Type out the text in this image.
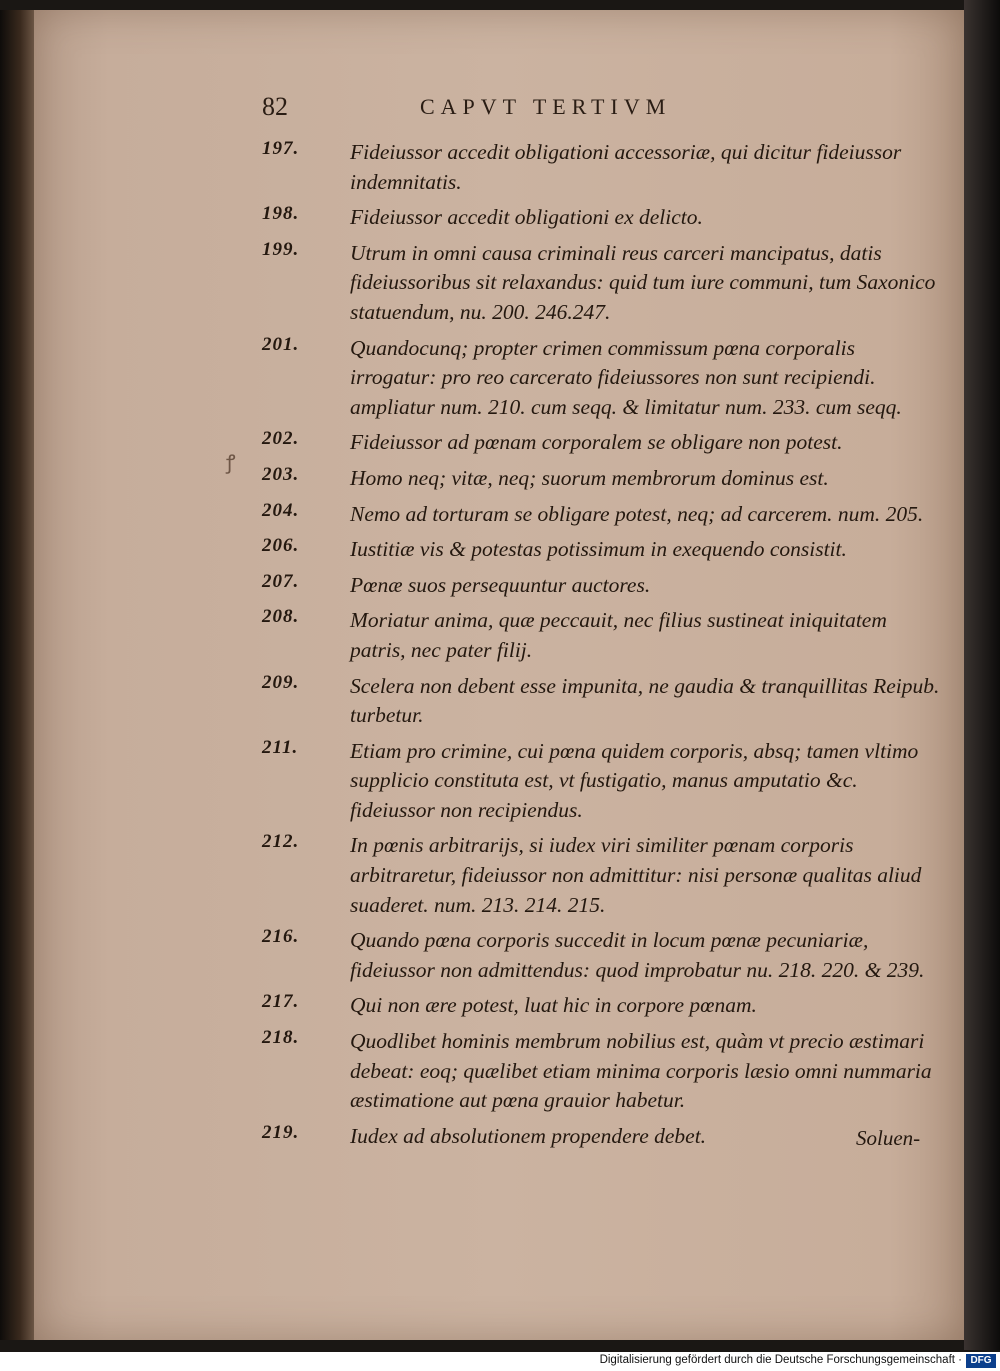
82	CAPVT TERTIVM
ꝭ
197.	Fideiussor accedit obligationi accessoriæ, qui dicitur fideiussor indemnitatis.
198.	Fideiussor accedit obligationi ex delicto.
199.	Utrum in omni causa criminali reus carceri mancipatus, datis fideiussoribus sit relaxandus: quid tum iure communi, tum Saxonico statuendum, nu. 200. 246.247.
201.	Quandocunq; propter crimen commissum pœna corporalis irrogatur: pro reo carcerato fideiussores non sunt recipiendi. ampliatur num. 210. cum seqq. & limitatur num. 233. cum seqq.
202.	Fideiussor ad pœnam corporalem se obligare non potest.
203.	Homo neq; vitæ, neq; suorum membrorum dominus est.
204.	Nemo ad torturam se obligare potest, neq; ad carcerem. num. 205.
206.	Iustitiæ vis & potestas potissimum in exequendo consistit.
207.	Pœnæ suos persequuntur auctores.
208.	Moriatur anima, quæ peccauit, nec filius sustineat iniquitatem patris, nec pater filij.
209.	Scelera non debent esse impunita, ne gaudia & tranquillitas Reipub. turbetur.
211.	Etiam pro crimine, cui pœna quidem corporis, absq; tamen vltimo supplicio constituta est, vt fustigatio, manus amputatio &c. fideiussor non recipiendus.
212.	In pœnis arbitrarijs, si iudex viri similiter pœnam corporis arbitraretur, fideiussor non admittitur: nisi personæ qualitas aliud suaderet. num. 213. 214. 215.
216.	Quando pœna corporis succedit in locum pœnæ pecuniariæ, fideiussor non admittendus: quod improbatur nu. 218. 220. & 239.
217.	Qui non ære potest, luat hic in corpore pœnam.
218.	Quodlibet hominis membrum nobilius est, quàm vt precio æstimari debeat: eoq; quælibet etiam minima corporis læsio omni nummaria æstimatione aut pœna grauior habetur.
219.	Iudex ad absolutionem propendere debet.	Soluen-
Digitalisierung gefördert durch die Deutsche Forschungsgemeinschaft · DFG
